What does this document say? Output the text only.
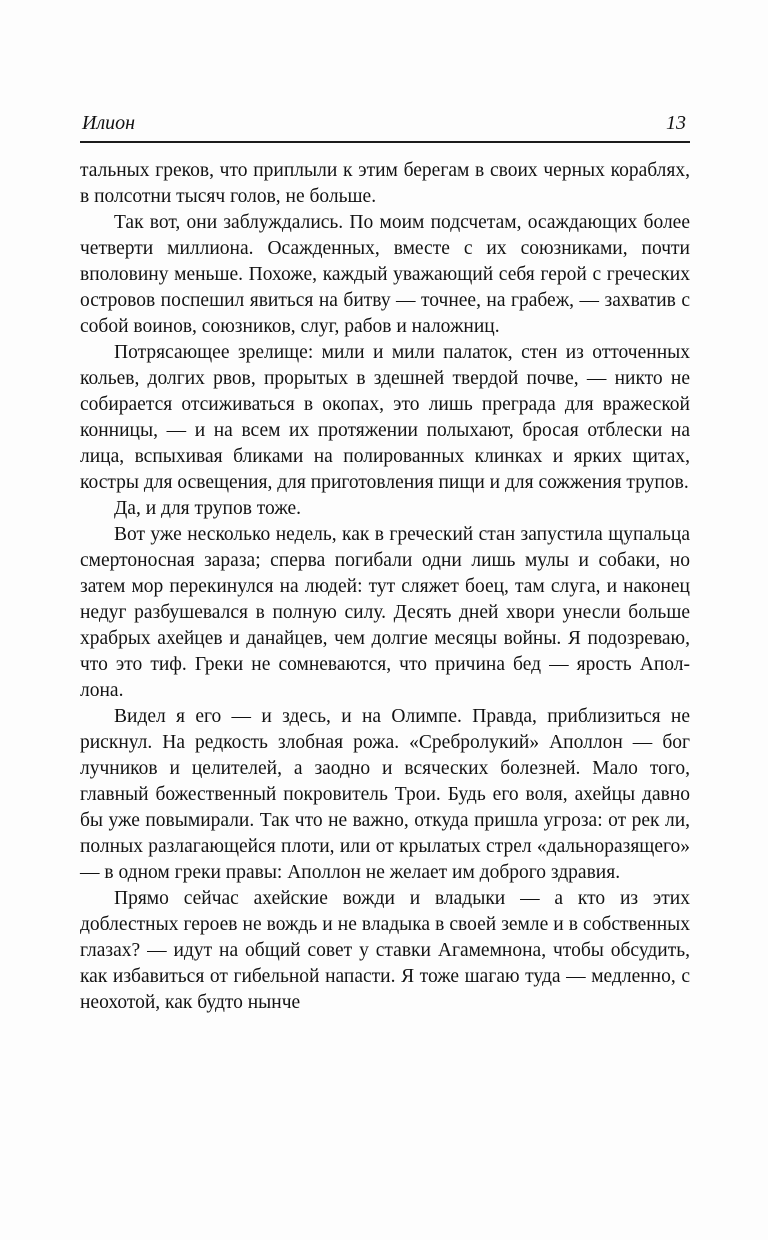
Илион	13

тальных греков, что приплыли к этим берегам в своих черных кораблях, в полсотни тысяч голов, не больше.

Так вот, они заблуждались. По моим подсчетам, осаждающих более четверти миллиона. Осажденных, вместе с их союзниками, почти вполовину меньше. Похоже, каждый уважающий себя герой с греческих островов поспешил явиться на битву — точнее, на грабеж, — захватив с собой воинов, союзников, слуг, рабов и наложниц.

Потрясающее зрелище: мили и мили палаток, стен из отточенных кольев, долгих рвов, прорытых в здешней твердой почве, — никто не собирается отсиживаться в окопах, это лишь преграда для вражеской конницы, — и на всем их протяжении полыхают, бросая отблески на лица, вспыхивая бликами на полированных клинках и ярких щитах, костры для освещения, для приготовления пищи и для сожжения трупов.

Да, и для трупов тоже.

Вот уже несколько недель, как в греческий стан запустила щупальца смертоносная зараза; сперва погибали одни лишь мулы и собаки, но затем мор перекинулся на людей: тут сляжет боец, там слуга, и наконец недуг разбушевался в полную силу. Десять дней хвори унесли больше храбрых ахейцев и данайцев, чем долгие месяцы войны. Я подозреваю, что это тиф. Греки не сомневаются, что причина бед — ярость Аполлона.

Видел я его — и здесь, и на Олимпе. Правда, приблизиться не рискнул. На редкость злобная рожа. «Сребролукий» Аполлон — бог лучников и целителей, а заодно и всяческих болезней. Мало того, главный божественный покровитель Трои. Будь его воля, ахейцы давно бы уже повымирали. Так что не важно, откуда пришла угроза: от рек ли, полных разлагающейся плоти, или от крылатых стрел «дальноразящего» — в одном греки правы: Аполлон не желает им доброго здравия.

Прямо сейчас ахейские вожди и владыки — а кто из этих доблестных героев не вождь и не владыка в своей земле и в собственных глазах? — идут на общий совет у ставки Агамемнона, чтобы обсудить, как избавиться от гибельной напасти. Я тоже шагаю туда — медленно, с неохотой, как будто нынче
